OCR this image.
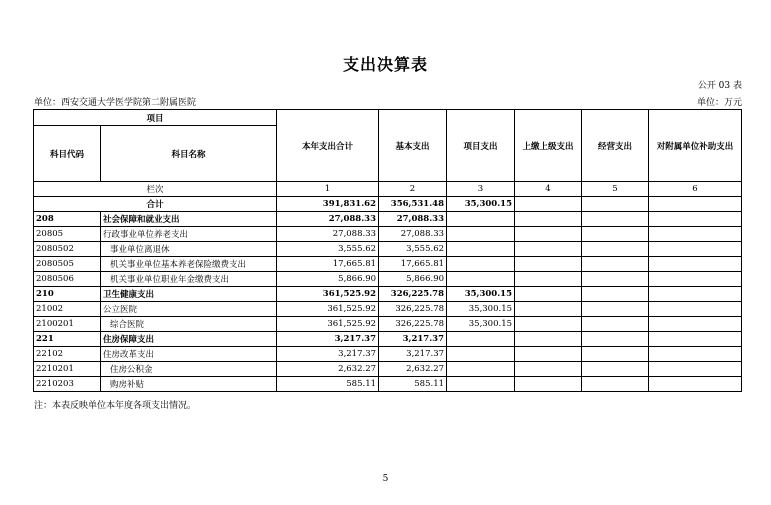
支出决算表
公开 03 表
单位：西安交通大学医学院第二附属医院	单位：万元
项目		本年支出合计	基本支出	项目支出	上缴上级支出	经营支出	对附属单位补助支出
科目代码	科目名称						
栏次		1	2	3	4	5	6
合计		391,831.62	356,531.48	35,300.15			
208	社会保障和就业支出	27,088.33	27,088.33				
20805	行政事业单位养老支出	27,088.33	27,088.33				
2080502	事业单位离退休	3,555.62	3,555.62				
2080505	机关事业单位基本养老保险缴费支出	17,665.81	17,665.81				
2080506	机关事业单位职业年金缴费支出	5,866.90	5,866.90				
210	卫生健康支出	361,525.92	326,225.78	35,300.15			
21002	公立医院	361,525.92	326,225.78	35,300.15			
2100201	综合医院	361,525.92	326,225.78	35,300.15			
221	住房保障支出	3,217.37	3,217.37				
22102	住房改革支出	3,217.37	3,217.37				
2210201	住房公积金	2,632.27	2,632.27				
2210203	购房补贴	585.11	585.11				
注：本表反映单位本年度各项支出情况。
5
